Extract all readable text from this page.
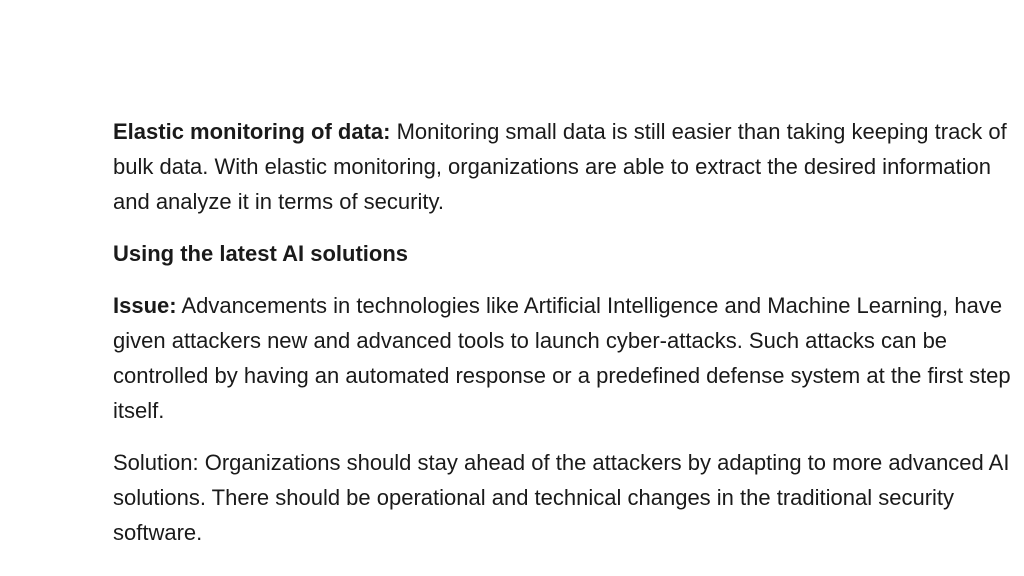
Elastic monitoring of data: Monitoring small data is still easier than taking keeping track of bulk data. With elastic monitoring, organizations are able to extract the desired information and analyze it in terms of security.

Using the latest AI solutions

Issue: Advancements in technologies like Artificial Intelligence and Machine Learning, have given attackers new and advanced tools to launch cyber-attacks. Such attacks can be controlled by having an automated response or a predefined defense system at the first step itself.

Solution: Organizations should stay ahead of the attackers by adapting to more advanced AI solutions. There should be operational and technical changes in the traditional security software.
